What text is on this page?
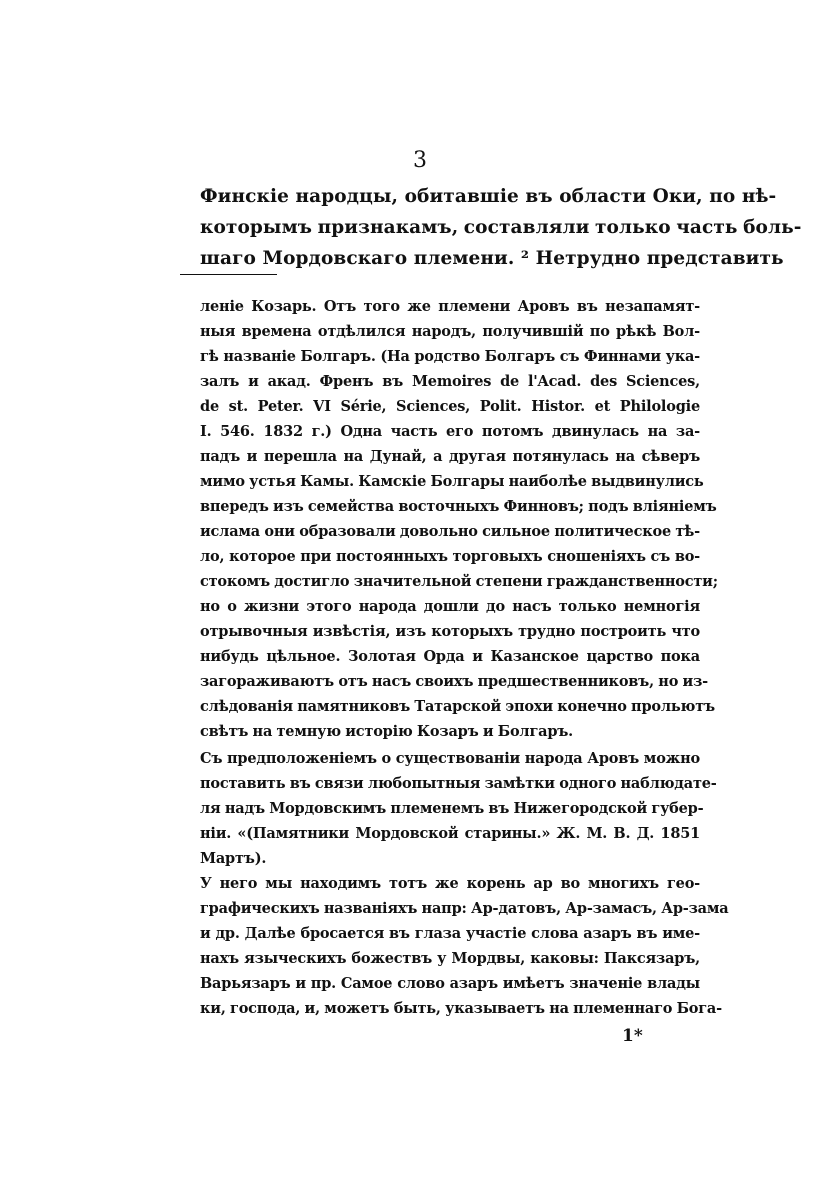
3
Финскіе народцы, обитавшіе въ области Оки, по нѣ-
которымъ признакамъ, составляли только часть боль-
шаго Мордовскаго племени. ² Нетрудно представить
леніе Козарь. Отъ того же племени Аровъ въ незапамят-
ныя времена отдѣлился народъ, получившій по рѣкѣ Вол-
гѣ названіе Болгаръ. (На родство Болгаръ съ Финнами ука-
залъ и акад. Френъ въ Memoires de l'Acad. des Sciences,
de st. Peter. VI Série, Sciences, Polit. Histor. et Philologie
I. 546. 1832 г.) Одна часть его потомъ двинулась на за-
падъ и перешла на Дунай, а другая потянулась на сѣверъ
мимо устья Камы. Камскіе Болгары наиболѣе выдвинулись
впередъ изъ семейства восточныхъ Финновъ; подъ вліяніемъ
ислама они образовали довольно сильное политическое тѣ-
ло, которое при постоянныхъ торговыхъ сношеніяхъ съ во-
стокомъ достигло значительной степени гражданственности;
но о жизни этого народа дошли до насъ только немногія
отрывочныя извѣстія, изъ которыхъ трудно построить что
нибудь цѣльное. Золотая Орда и Казанское царство пока
загораживаютъ отъ насъ своихъ предшественниковъ, но из-
слѣдованія памятниковъ Татарской эпохи конечно прольютъ
свѣтъ на темную исторію Козаръ и Болгаръ.
Съ предположеніемъ о существованіи народа Аровъ можно
поставить въ связи любопытныя замѣтки одного наблюдате-
ля надъ Мордовскимъ племенемъ въ Нижегородской губер-
ніи. «(Памятники Мордовской старины.» Ж. М. В. Д. 1851
Мартъ).
У него мы находимъ тотъ же корень ар во многихъ гео-
графическихъ названіяхъ напр: Ар-датовъ, Ар-замасъ, Ар-зама
и др. Далѣе бросается въ глаза участіе слова азаръ въ име-
нахъ языческихъ божествъ у Мордвы, каковы: Паксязаръ,
Варьязаръ и пр. Самое слово азаръ имѣетъ значеніе влады
ки, господа, и, можетъ быть, указываетъ на племеннаго Бога-
1*
